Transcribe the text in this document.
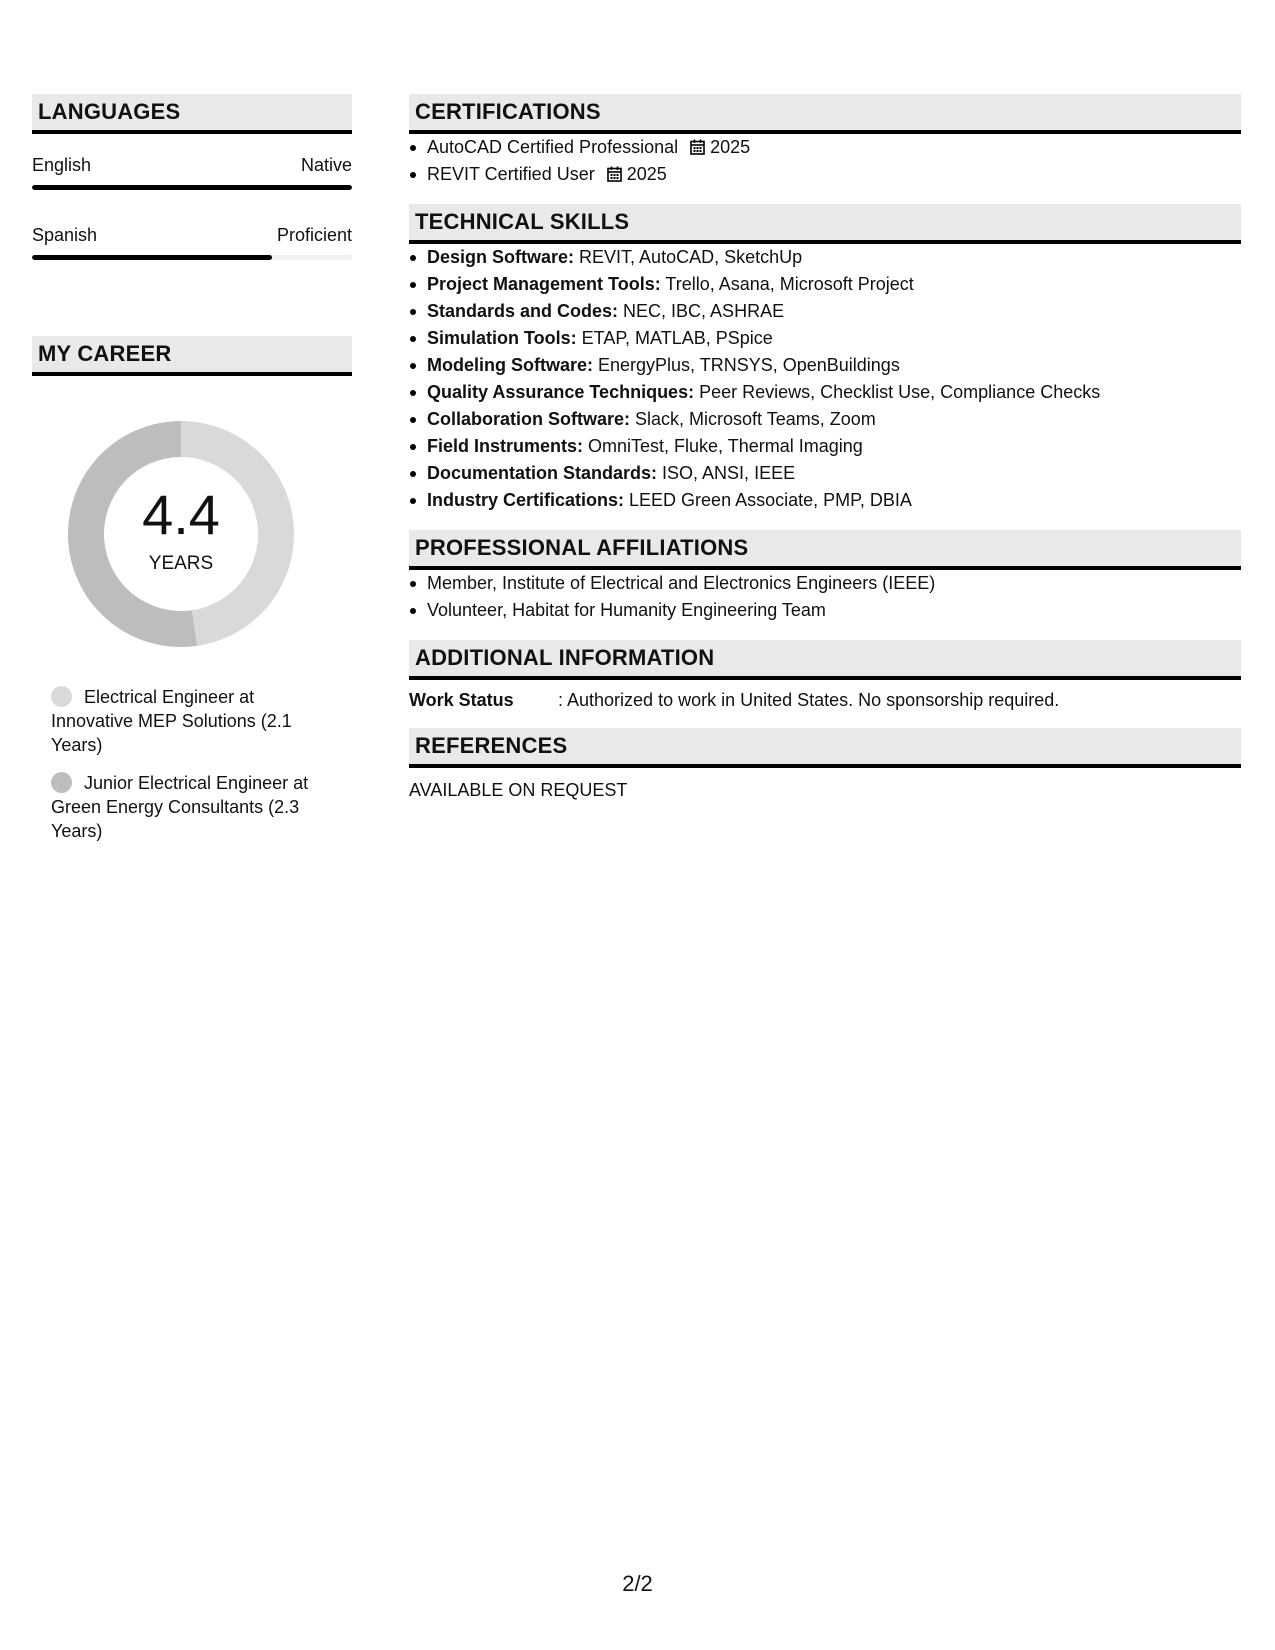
LANGUAGES
English	Native
Spanish	Proficient
MY CAREER
4.4
YEARS
Electrical Engineer at Innovative MEP Solutions (2.1 Years)
Junior Electrical Engineer at Green Energy Consultants (2.3 Years)
CERTIFICATIONS
AutoCAD Certified Professional 2025
REVIT Certified User 2025
TECHNICAL SKILLS
Design Software: REVIT, AutoCAD, SketchUp
Project Management Tools: Trello, Asana, Microsoft Project
Standards and Codes: NEC, IBC, ASHRAE
Simulation Tools: ETAP, MATLAB, PSpice
Modeling Software: EnergyPlus, TRNSYS, OpenBuildings
Quality Assurance Techniques: Peer Reviews, Checklist Use, Compliance Checks
Collaboration Software: Slack, Microsoft Teams, Zoom
Field Instruments: OmniTest, Fluke, Thermal Imaging
Documentation Standards: ISO, ANSI, IEEE
Industry Certifications: LEED Green Associate, PMP, DBIA
PROFESSIONAL AFFILIATIONS
Member, Institute of Electrical and Electronics Engineers (IEEE)
Volunteer, Habitat for Humanity Engineering Team
ADDITIONAL INFORMATION
Work Status	: Authorized to work in United States. No sponsorship required.
REFERENCES
AVAILABLE ON REQUEST
2/2
